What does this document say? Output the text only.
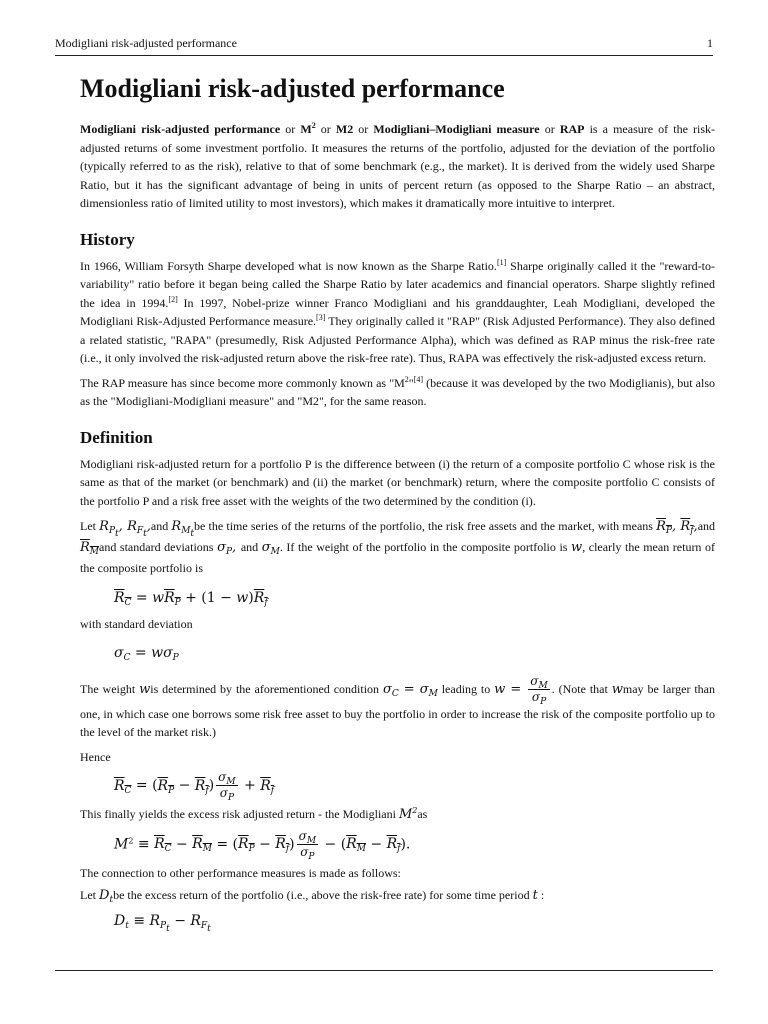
Modigliani risk-adjusted performance	1
Modigliani risk-adjusted performance

Modigliani risk-adjusted performance or $M^2$ or M2 or Modigliani–Modigliani measure or RAP is a measure of the risk-adjusted returns of some investment portfolio. It measures the returns of the portfolio, adjusted for the deviation of the portfolio (typically referred to as the risk), relative to that of some benchmark (e.g., the market). It is derived from the widely used Sharpe Ratio, but it has the significant advantage of being in units of percent return (as opposed to the Sharpe Ratio – an abstract, dimensionless ratio of limited utility to most investors), which makes it dramatically more intuitive to interpret.

History

In 1966, William Forsyth Sharpe developed what is now known as the Sharpe Ratio.[1] Sharpe originally called it the "reward-to-variability" ratio before it began being called the Sharpe Ratio by later academics and financial operators. Sharpe slightly refined the idea in 1994.[2] In 1997, Nobel-prize winner Franco Modigliani and his granddaughter, Leah Modigliani, developed the Modigliani Risk-Adjusted Performance measure.[3] They originally called it "RAP" (Risk Adjusted Performance). They also defined a related statistic, "RAPA" (presumedly, Risk Adjusted Performance Alpha), which was defined as RAP minus the risk-free rate (i.e., it only involved the risk-adjusted return above the risk-free rate). Thus, RAPA was effectively the risk-adjusted excess return.

The RAP measure has since become more commonly known as "$M^2"[4]$ (because it was developed by the two Modiglianis), but also as the "Modigliani-Modigliani measure" and "M2", for the same reason.

Definition

Modigliani risk-adjusted return for a portfolio P is the difference between (i) the return of a composite portfolio C whose risk is the same as that of the market (or benchmark) and (ii) the market (or benchmark) return, where the composite portfolio C consists of the portfolio P and a risk free asset with the weights of the two determined by the condition (i).

Let $R_{P_t}$, $R_{F_t},and$ $R_{M_t}be$ the time series of the returns of the portfolio, the risk free assets and the market, with means $R_P$, $R_f,and$ $R_Mand$ standard deviations $\sigma_P$, and $\sigma_M$. If the weight of the portfolio in the composite portfolio is w, clearly the mean return of the composite portfolio is

$R_C = wR_P + (1 - w)R_f$

with standard deviation

$\sigma_C = w\sigma_P$

The weight wis determined by the aforementioned condition $\sigma_C = \sigma_M$ leading to $w = \frac{\sigma_M}{\sigma_P}$ . (Note that wmay be larger than one, in which case one borrows some risk free asset to buy the portfolio in order to increase the risk of the composite portfolio up to the level of the market risk.)

Hence

$R_C = (R_P - R_f) \frac{\sigma_M}{\sigma_P} + R_f$

This finally yields the excess risk adjusted return - the Modigliani $M^2as$

$M^2 \equiv R_C - R_M = (R_P - R_f) \frac{\sigma_M}{\sigma_P} - (R_M - R_f)$.

The connection to other performance measures is made as follows:

Let $D_tbe$ the excess return of the portfolio (i.e., above the risk-free rate) for some time period t :

$D_t \equiv R_{P_t} - R_{F_t}$
